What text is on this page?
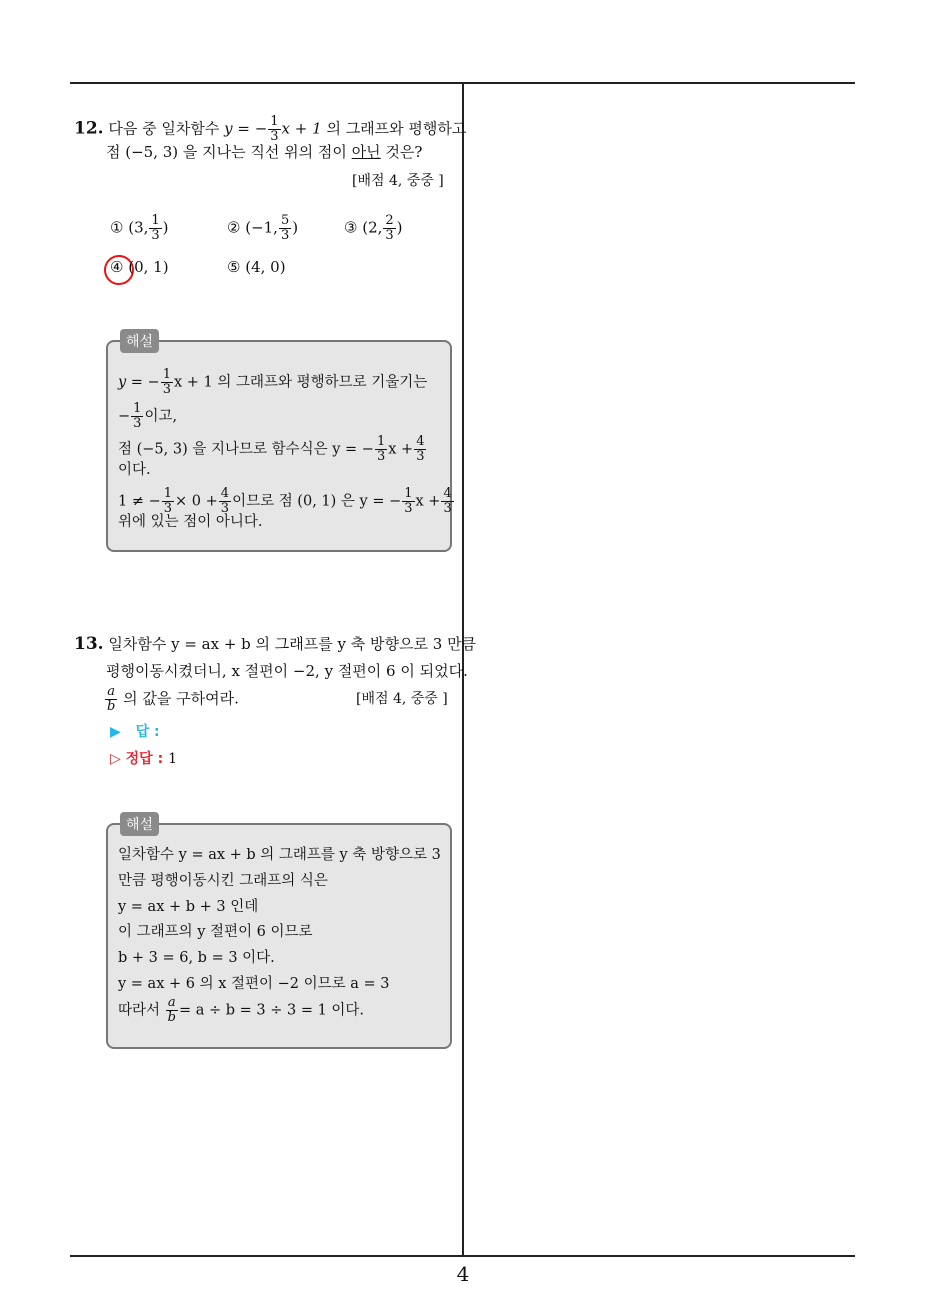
4
12. 다음 중 일차함수 y = − $\frac{1}{3}$ x + 1 의 그래프와 평행하고
점 (−5, 3) 을 지나는 직선 위의 점이 아닌 것은?
[배점 4, 중중 ]
① (3, $\frac{1}{3}$ )	② (−1, $\frac{5}{3}$ )	③ (2, $\frac{2}{3}$ )
④ (0, 1)	⑤ (4, 0)
해설
y = − $\frac{1}{3}$ x + 1 의 그래프와 평행하므로 기울기는
− $\frac{1}{3}$ 이고,
점 (−5, 3) 을 지나므로 함수식은 y = − $\frac{1}{3}$ $x + \frac{4}{3}$
이다.
1 ≠ − $\frac{1}{3} \times 0 + \frac{4}{3}$ 이므로 점 (0, 1) 은 y = − $\frac{1}{3}$ $x + \frac{4}{3}$
위에 있는 점이 아니다.
13. 일차함수 y = ax + b 의 그래프를 y 축 방향으로 3 만큼
평행이동시켰더니, x 절편이 −2, y 절편이 6 이 되었다.
$\frac{a}{b}$ 의 값을 구하여라.	[배점 4, 중중 ]
▶ 답 :
▷ 정답 : 1
해설
일차함수 y = ax + b 의 그래프를 y 축 방향으로 3
만큼 평행이동시킨 그래프의 식은
y = ax + b + 3 인데
이 그래프의 y 절편이 6 이므로
b + 3 = 6, b = 3 이다.
y = ax + 6 의 x 절편이 −2 이므로 a = 3
따라서 $\frac{a}{b} = a \div b = 3 \div 3 = 1$ 이다.
